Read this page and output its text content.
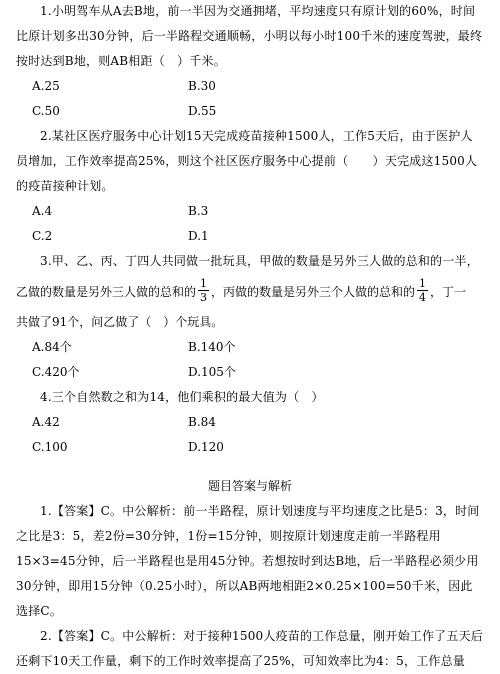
1.小明驾车从A去B地，前一半因为交通拥堵，平均速度只有原计划的60%，时间比原计划多出30分钟，后一半路程交通顺畅，小明以每小时100千米的速度驾驶，最终按时达到B地，则AB相距（　）千米。
A.25	B.30
C.50	D.55
2.某社区医疗服务中心计划15天完成疫苗接种1500人，工作5天后，由于医护人员增加，工作效率提高25%，则这个社区医疗服务中心提前（　　）天完成这1500人的疫苗接种计划。
A.4	B.3
C.2	D.1
3.甲、乙、丙、丁四人共同做一批玩具，甲做的数量是另外三人做的总和的一半，
乙做的数量是另外三人做的总和的 $\frac{1}{3}$ ，丙做的数量是另外三个人做的总和的 $\frac{1}{4}$ ，丁一
共做了91个，问乙做了（　）个玩具。
A.84个	B.140个
C.420个	D.105个
4.三个自然数之和为14，他们乘积的最大值为（　）
A.42	B.84
C.100	D.120
题目答案与解析

1.【答案】C。中公解析：前一半路程，原计划速度与平均速度之比是5：3，时间之比是3：5，差2份=30分钟，1份=15分钟，则按原计划速度走前一半路程用15×3=45分钟，后一半路程也是用45分钟。若想按时到达B地，后一半路程必须少用30分钟，即用15分钟（0.25小时），所以AB两地相距2×0.25×100=50千米，因此选择C。

2.【答案】C。中公解析：对于接种1500人疫苗的工作总量，刚开始工作了五天后还剩下10天工作量，剩下的工作时效率提高了25%，可知效率比为4：5，工作总量
